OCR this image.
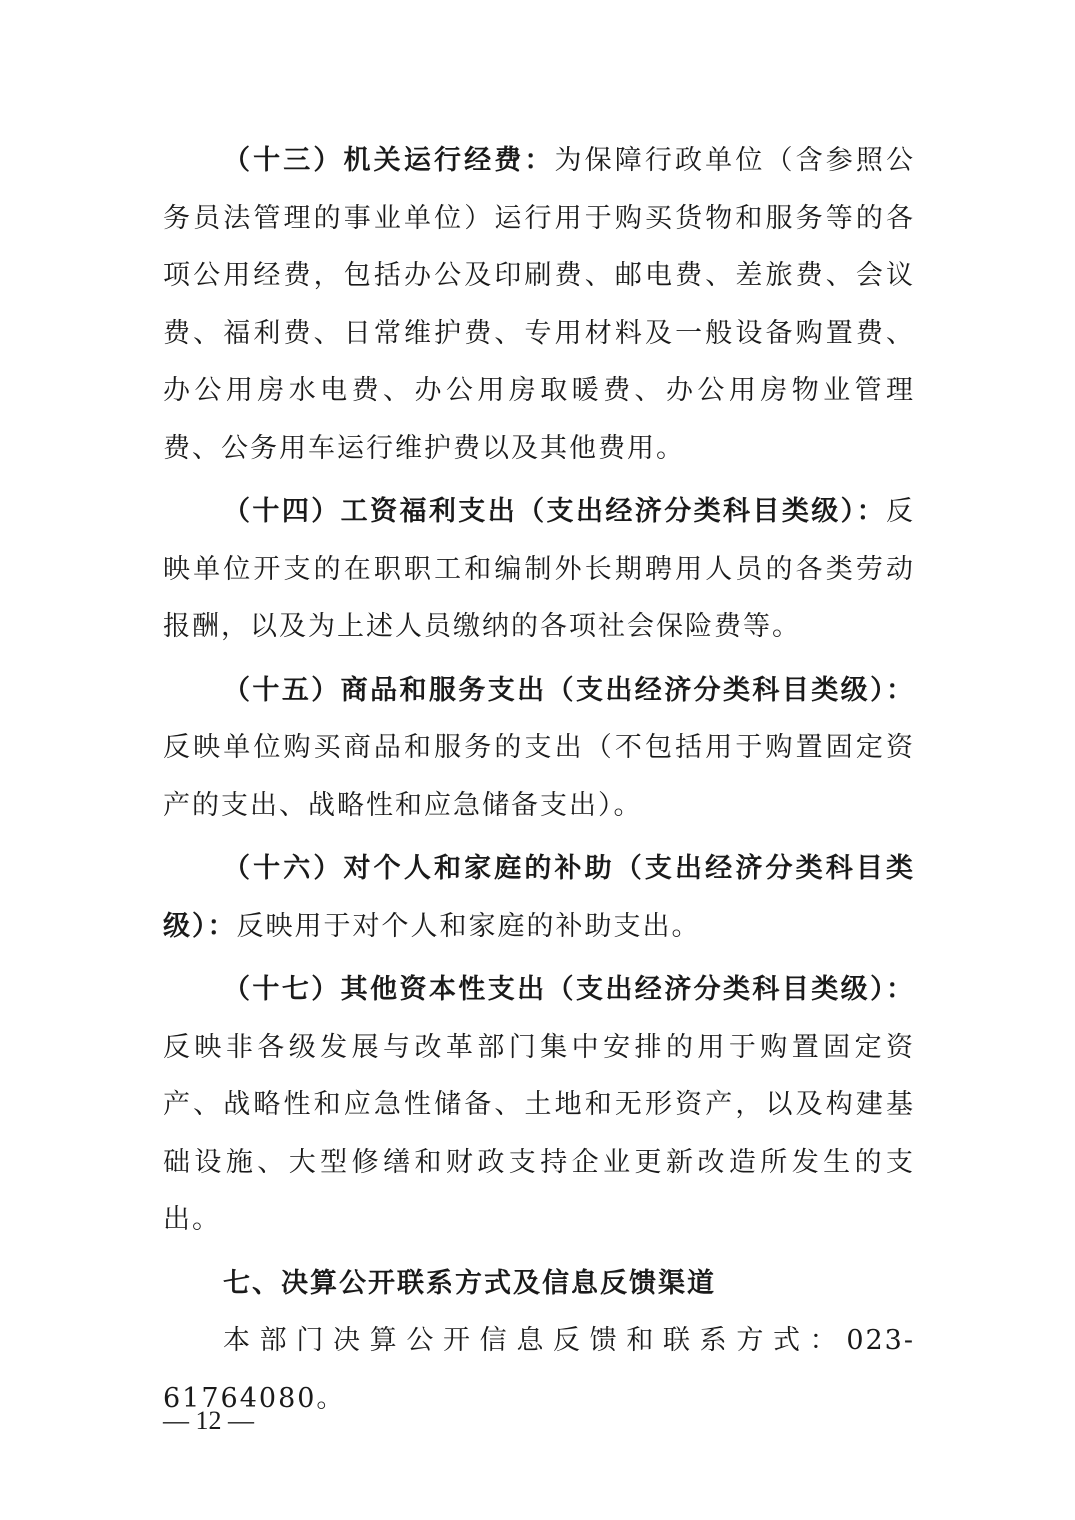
（十三）机关运行经费：为保障行政单位（含参照公务员法管理的事业单位）运行用于购买货物和服务等的各项公用经费，包括办公及印刷费、邮电费、差旅费、会议费、福利费、日常维护费、专用材料及一般设备购置费、办公用房水电费、办公用房取暖费、办公用房物业管理费、公务用车运行维护费以及其他费用。

（十四）工资福利支出（支出经济分类科目类级）：反映单位开支的在职职工和编制外长期聘用人员的各类劳动报酬，以及为上述人员缴纳的各项社会保险费等。

（十五）商品和服务支出（支出经济分类科目类级）：反映单位购买商品和服务的支出（不包括用于购置固定资产的支出、战略性和应急储备支出）。

（十六）对个人和家庭的补助（支出经济分类科目类级）：反映用于对个人和家庭的补助支出。

（十七）其他资本性支出（支出经济分类科目类级）：反映非各级发展与改革部门集中安排的用于购置固定资产、战略性和应急性储备、土地和无形资产，以及构建基础设施、大型修缮和财政支持企业更新改造所发生的支出。

七、决算公开联系方式及信息反馈渠道

本部门决算公开信息反馈和联系方式：023-61764080。

— 12 —
